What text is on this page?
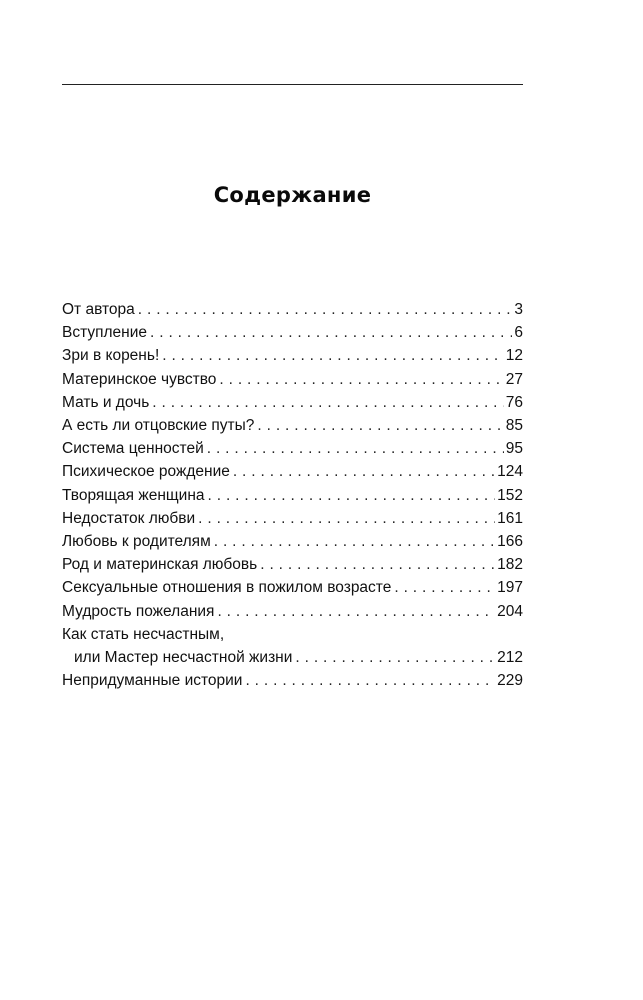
Содержание
От автора . . .	3
Вступление . . .	6
Зри в корень! . . .	12
Материнское чувство . . .	27
Мать и дочь . . .	76
А есть ли отцовские путы? . . .	85
Система ценностей . . .	95
Психическое рождение . . .	124
Творящая женщина . . .	152
Недостаток любви . . .	161
Любовь к родителям . . .	166
Род и материнская любовь . . .	182
Сексуальные отношения в пожилом возрасте . . .	197
Мудрость пожелания . . .	204
Как стать несчастным,
или Мастер несчастной жизни . . .	212
Непридуманные истории . . .	229
